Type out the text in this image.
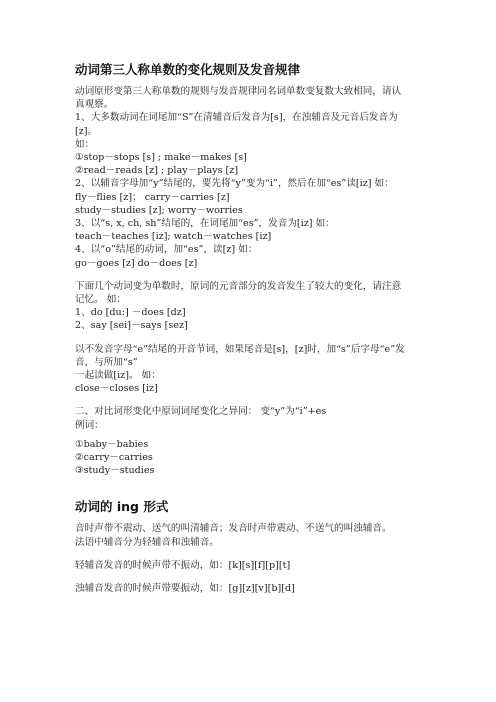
动词第三人称单数的变化规则及发音规律

动词原形变第三人称单数的规则与发音规律同名词单数变复数大致相同，请认真观察。

1、大多数动词在词尾加“S”在清辅音后发音为[s]，在浊辅音及元音后发音为 [z]。

如：

①stop－stops [s] ; make－makes [s]

②read－reads [z] ; play－plays [z]

2、以辅音字母加“y”结尾的，要先将“y”变为“i”，然后在加“es”读[iz] 如：

fly－flies [z]； carry－carries [z]

study－studies [z]; worry－worries

3、以“s, x, ch, sh”结尾的，在词尾加“es”，发音为[iz] 如：

teach－teaches [iz]; watch－watches [iz]

4、以“o”结尾的动词，加“es”，读[z] 如：

go－goes [z] do－does [z]

下面几个动词变为单数时，原词的元音部分的发音发生了较大的变化，请注意记忆。 如：

1、do [du:] －does [dz]

2、say [sei]－says [sez]

以不发音字母“e”结尾的开音节词，如果尾音是[s]，[z]时，加“s”后字母“e”发音，与所加“s”

一起读做[iz]。 如：

close－closes [iz]

二、对比词形变化中原词词尾变化之异同： 变“y”为“i”+es

例词：

①baby－babies

②carry－carries

③study－studies

动词的 ing 形式

音时声带不震动、送气的叫清辅音；发音时声带震动、不送气的叫浊辅音。

法语中辅音分为轻辅音和浊辅音。

轻辅音发音的时候声带不振动，如：[k][s][f][p][t]

浊辅音发音的时候声带要振动，如：[g][z][v][b][d]
